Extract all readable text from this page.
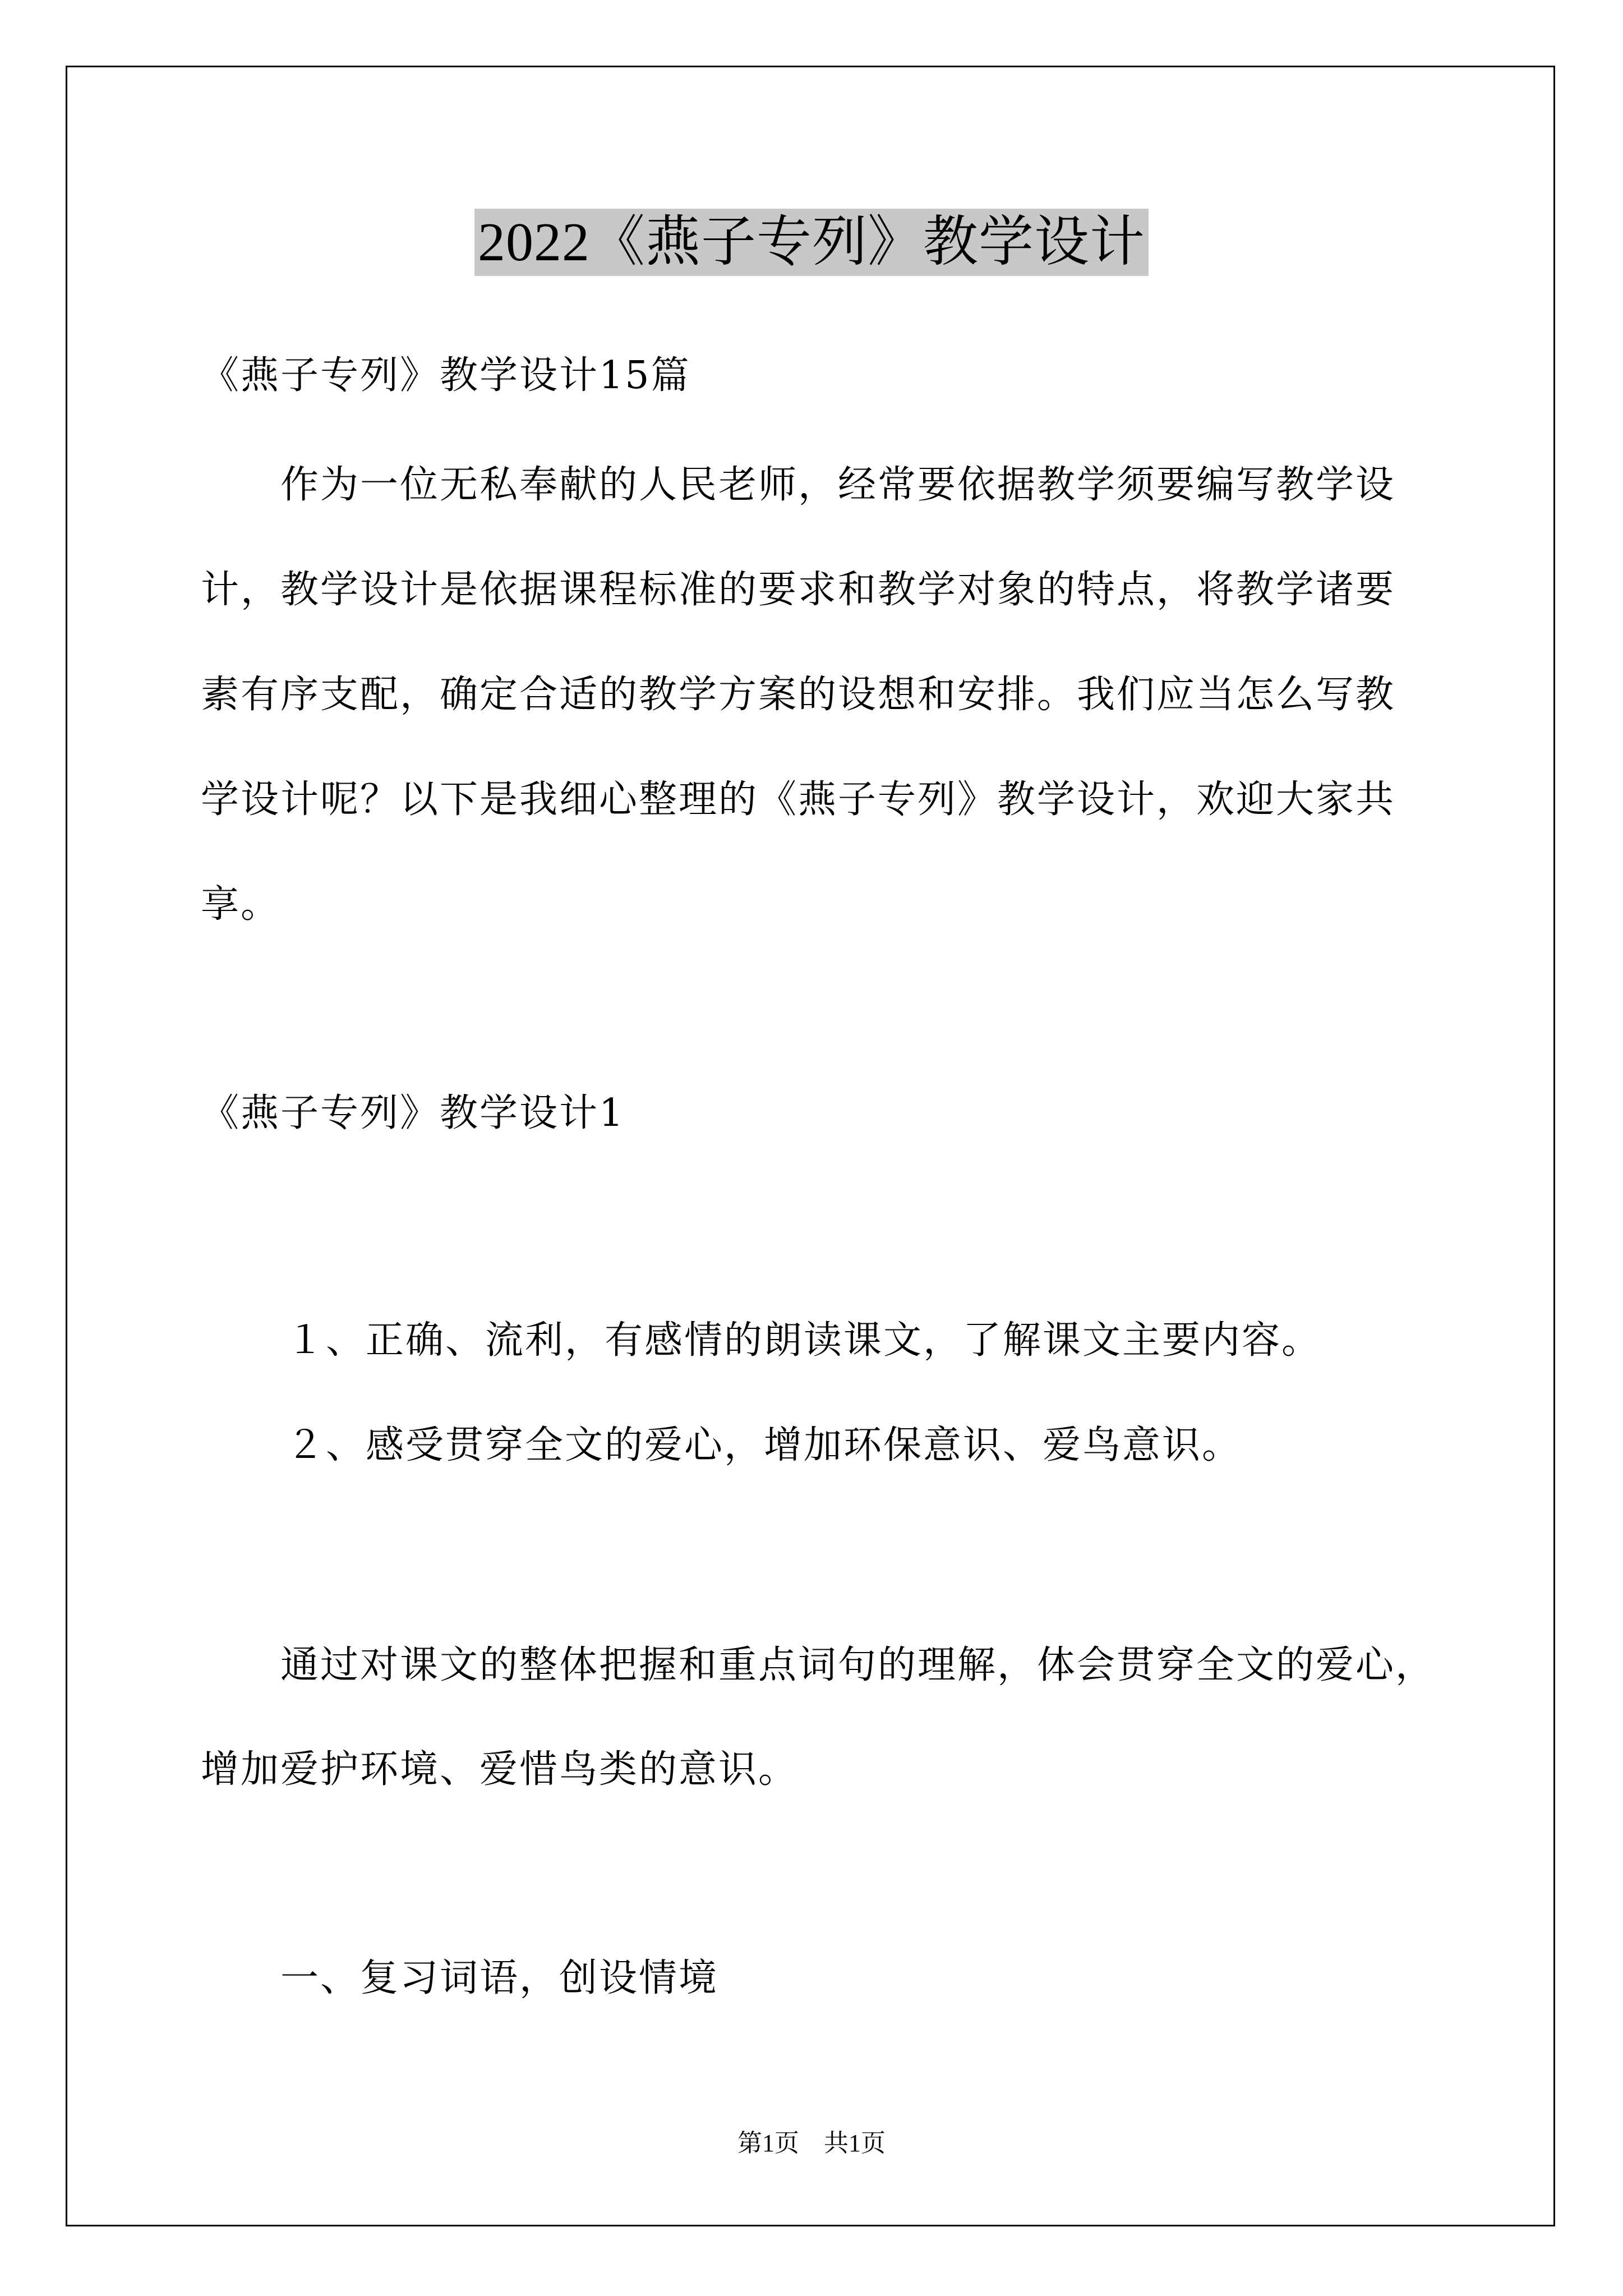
2022《燕子专列》教学设计
《燕子专列》教学设计15篇
作为一位无私奉献的人民老师，经常要依据教学须要编写教学设
计，教学设计是依据课程标准的要求和教学对象的特点，将教学诸要
素有序支配，确定合适的教学方案的设想和安排。我们应当怎么写教
学设计呢？以下是我细心整理的《燕子专列》教学设计，欢迎大家共
享。
《燕子专列》教学设计1
１、正确、流利，有感情的朗读课文，了解课文主要内容。
２、感受贯穿全文的爱心，增加环保意识、爱鸟意识。
通过对课文的整体把握和重点词句的理解，体会贯穿全文的爱心，
增加爱护环境、爱惜鸟类的意识。
一、复习词语，创设情境
第1页　共1页
